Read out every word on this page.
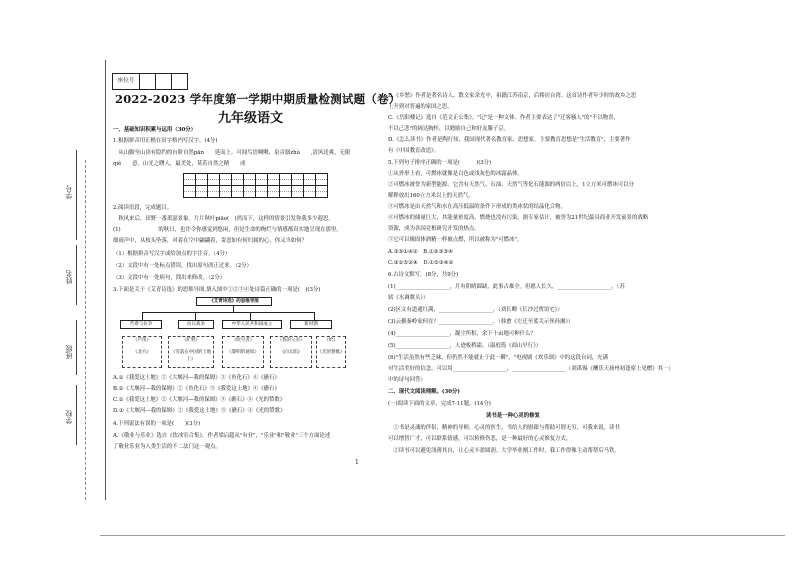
学号
姓名
班级
学校
座位号
2022-2023 学年度第一学期中期质量检测试题（卷）
九年级语文
一、基础知识积累与运用（30分）
1.根据拼音用正楷在田字格内写汉字。(4分)
　从山脚至山顶有隐约的台阶自然pān　　延而上。可闻鸟语啁啾、泉音潺zhù　　,清风送爽，无限
qiè　　意。山光之曙人，最美处，莫若自然之精　　成
2.阅读语段，完成题目。
　秋风来后，田野一番萧瑟景象。片片秋叶piāo(　)然而下，这样的情景引发你我多少遐思。
(1)　　　　　　　的秋日，也许令你感觉到悠闲，但是生命的绚烂与情感都真实地呈现在那里。
细雨声中，从枝头坠落，对着在空中翩翩着，寄意如有何归属的心，你又当如何？
（1）根据拼音写汉字或给加点的字注音。（4分）
（2）文段中有一处标点错误，找出原句改正过来。（2分）
（3）文段中有一处病句，找出来修改。（2分）
3.下面是关于《艾青诗选》的思维导图,填入图中①②③④处诗篇正确的一项是(　)(3分)
《艾青诗选》的思维导图
苦难与抗争	抗日战争	中华人民共和国成立	新时期
《芦笛》
《北方》
《旷野》
《雪落在中国的土地上》
《吹号者》
《黎明的通知》
《我的父亲》
《向太阳》
《给》
《光的赞歌》
A.①《我爱这土地》②《大堰河—我的保姆》③《鱼化石》④《礁石》
B.①《大堰河—我的保姆》②《鱼化石》③《我爱这土地》④《礁石》
C.①《我爱这土地》②《大堰河—我的保姆》③《礁石》④《光的赞歌》
D.①《大堰河—我的保姆》②《我爱这土地》③《礁石》④《光的赞歌》
4.下列说法有误的一项是(　　)(3分)
A.《敬业与乐业》选自《饮冰室合集》，作者梁启超从"有业"、"乐业"和"敬业"三个方面论述
了敬业乐业为人类生活的不二法门这一观点。
1
B.《乡愁》作者是著名诗人、散文家余光中，祖籍江苏南京，后移居台湾。这首诗作者年少时的故乡之思
上升到对普遍的家国之思。
C.《岳阳楼记》选自《范文正公集》。"记"是一种文体。作者主要表达了"迁客骚人"的"不以物喜，
不以己悲"的阔达胸怀，以勉励自己和好友滕子京。
D.《怎么读书》作者是陶行知，我国现代著名教育家、思想家。主要教育思想是"生活教育"，主要著作
有《中国教育改造》。
5.下列句子排序正确的一项是(　　　)(3分)
①从外形上看，可燃冰就像是白色或浅灰色的冰霜晶体。
②可燃冰被誉为新型能源，它含有天然气、石油、天然气等化石能源的两倍以上，1立方米可燃冰可以分
解释放出160立方米以上的天然气。
③可燃冰是由天然气和水在高压低温的条件下形成的类冰状的结晶化合物。
④可燃冰的储量巨大，其能量密度高，燃烧也没有污染。据专家估计，被誉为21世纪最具商业开发前景的战略
资源，成为各国竞相研究开发的热点。
⑤它可以像固体酒精一样被点燃，所以被称为"可燃冰"。
A.③⑤①④②　B.①②③⑤④
C.③①⑤②④　D.①⑤③④②
6.古诗文默写。(8分，共9分)
(1)____________________，月有阴晴圆缺，此事古难全。但愿人长久，____________________。（苏
轼《水调歌头》）
(2)区文有道通红满，____________________。（刘长卿《长沙过贾谊宅》）
(3)云横秦岭家何在？____________________。（韩愈《左迁至蓝关示侄孙湘》）
(4)____________________，凝尘所积，余下十亩地可种什么？
(5)____________________，人迹板桥霜。（温庭筠《商山早行》）
(6)"生活虽然有些乏味，但仍然不能就止于此一瞬"，"电视剧《欢乐颂》中的这段台词，充满
对生活美好的信念，可以用____________________，____________________（刘禹锡《酬乐天扬州初逢席上见赠》其一）
中的诗句回答）
二、现代文阅读理解。(30分)
(一)阅读下面的文章，完成7-11题。(14分)
读书是一种心灵的修复
　①书是灵魂的伴侣，精神的导师。心灵的医生。书给人的慰藉与帮助可谓无穷，可我来说，读书
可以增智广才，可以联系情感，可以检修伤悲，是一种最好的心灵修复方式。
　②读书可以避免浅薄其自，让心灵丰盈圆润。大学毕业刚工作时，我工作得像主动帮帮后马铁。
